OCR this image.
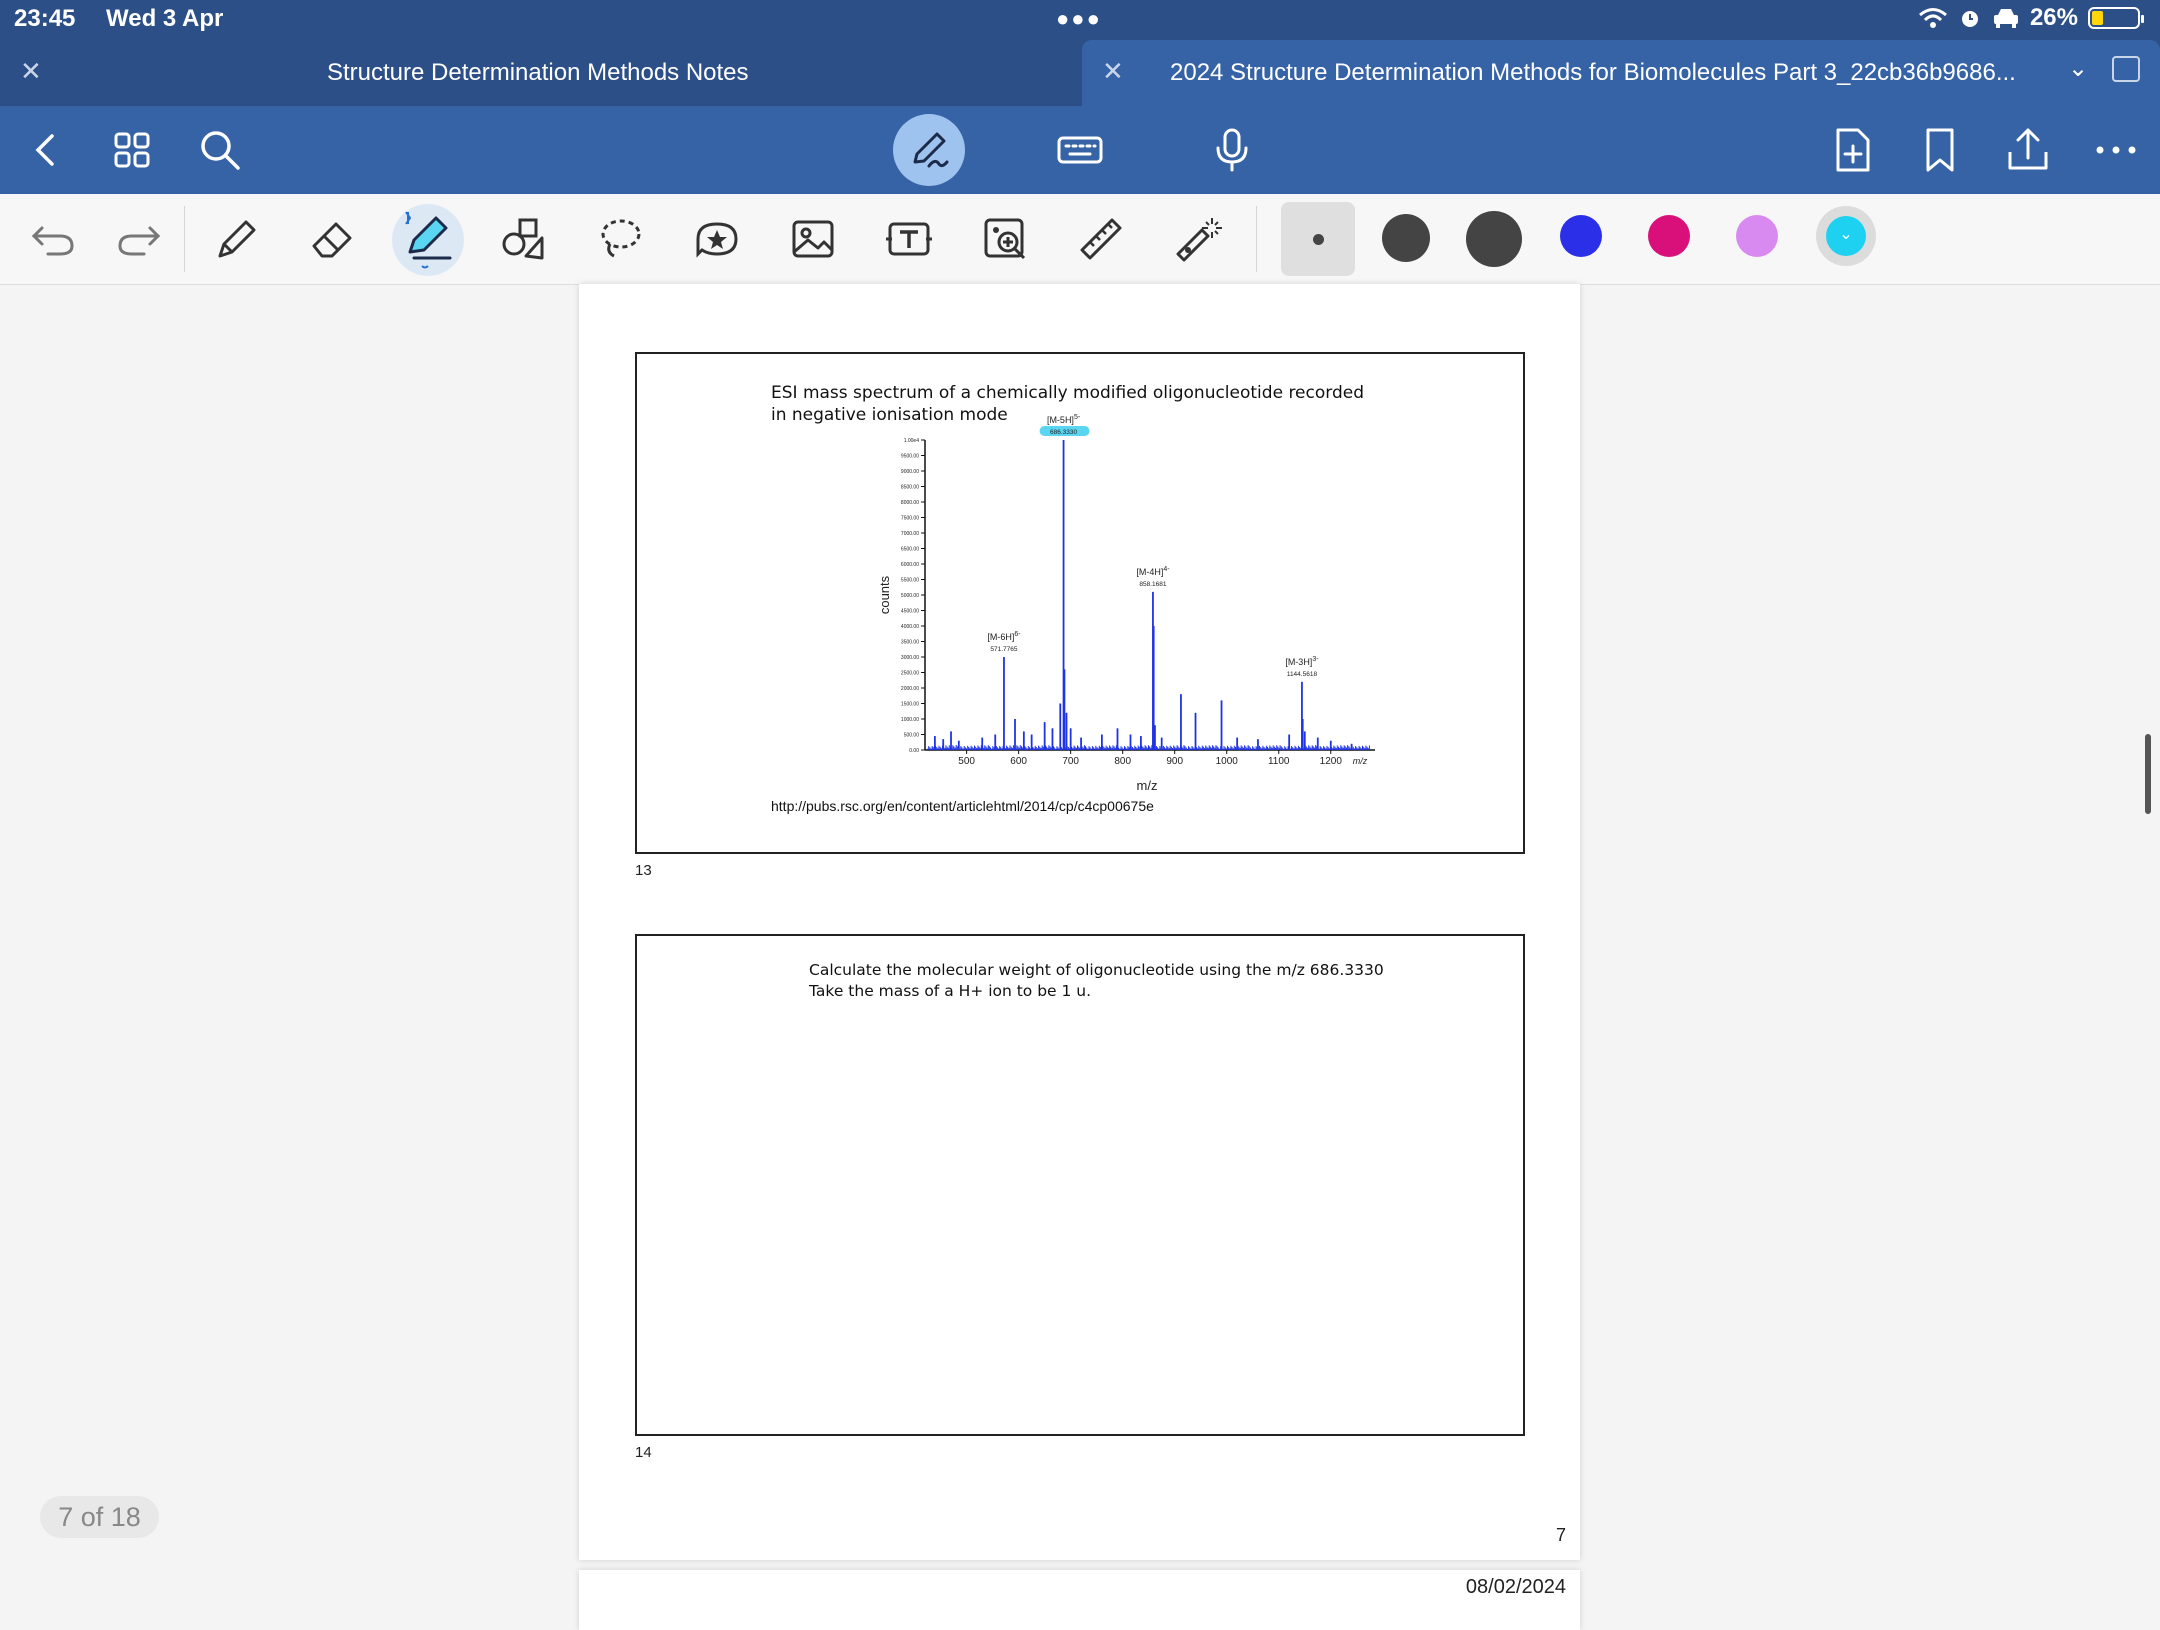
23:45 Wed 3 Apr	●●●	26%
✕	Structure Determination Methods Notes	✕ 2024 Structure Determination Methods for Biomolecules Part 3_22cb36b9686... ⌄
⌄
ESI mass spectrum of a chemically modified oligonucleotide recorded
in negative ionisation mode
0.00
500.00
1000.00
1500.00
2000.00
2500.00
3000.00
3500.00
4000.00
4500.00
5000.00
5500.00
6000.00
6500.00
7000.00
7500.00
8000.00
8500.00
9000.00
9500.00
1.00e4
500	600	700	800	900	1000	1100	1200 m/z
m/z
counts
$[M-6H]^{6-}$
571.7765
$[M-5H]^{5-}$
686.3330
$[M-4H]^{4-}$
858.1681
$[M-3H]^{3-}$
1144.5618
http://pubs.rsc.org/en/content/articlehtml/2014/cp/c4cp00675e
13
Calculate the molecular weight of oligonucleotide using the m/z 686.3330
Take the mass of a H+ ion to be 1 u.
14
7
08/02/2024
7 of 18
